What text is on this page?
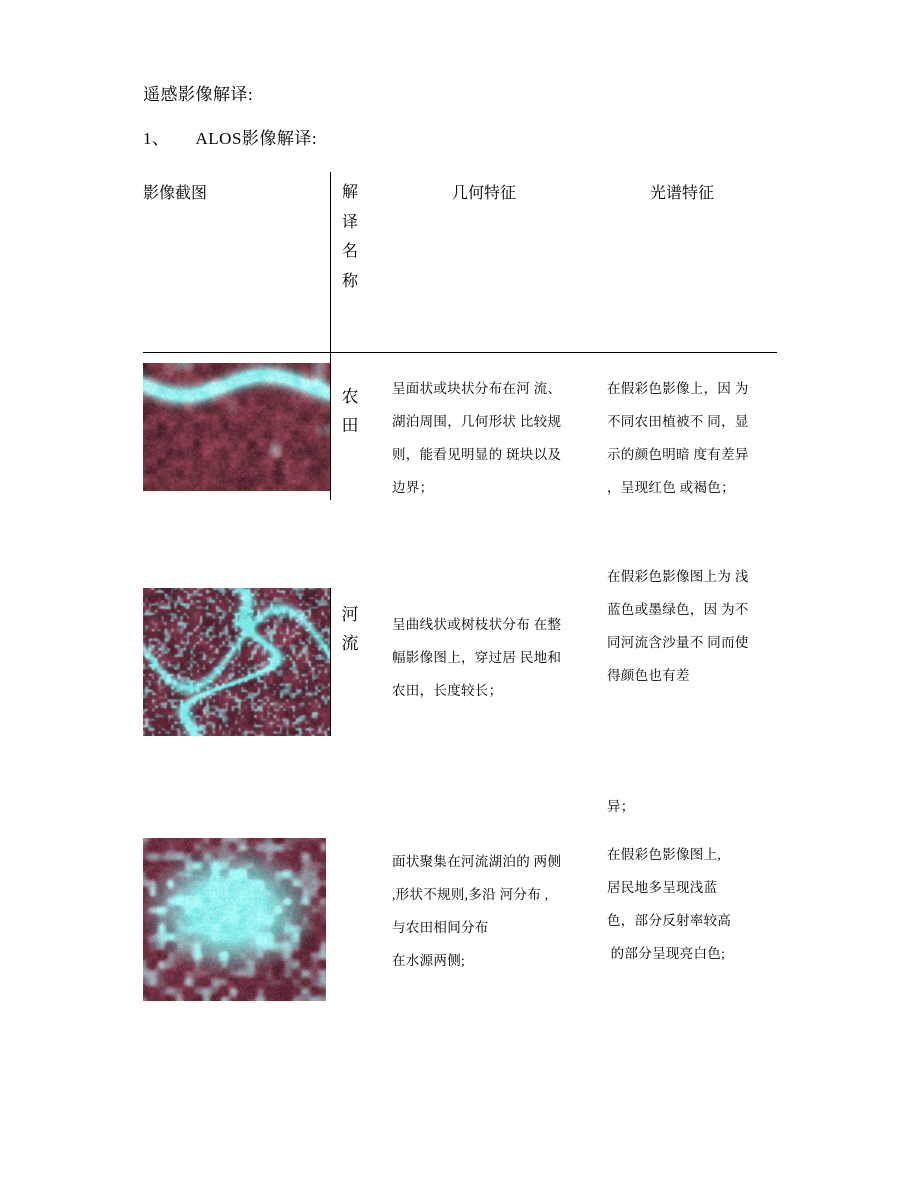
遥感影像解译:
1、 ALOS影像解译:
影像截图	解译名称
几何特征	光谱特征
农田
呈面状或块状分布在河 流、
湖泊周围，几何形状 比较规
则，能看见明显的 斑块以及
边界；
在假彩色影像上，因 为
不同农田植被不 同，显
示的颜色明暗 度有差异
，呈现红色 或褐色；
河流
呈曲线状或树枝状分布 在整
幅影像图上，穿过居 民地和
农田，长度较长；
在假彩色影像图上为 浅
蓝色或墨绿色，因 为不
同河流含沙量不 同而使
得颜色也有差
异；
面状聚集在河流湖泊的 两侧
,形状不规则,多沿 河分布 ,
与农田相间分布
在水源两侧;
在假彩色影像图上,
居民地多呈现浅蓝
色，部分反射率较高
的部分呈现亮白色;
